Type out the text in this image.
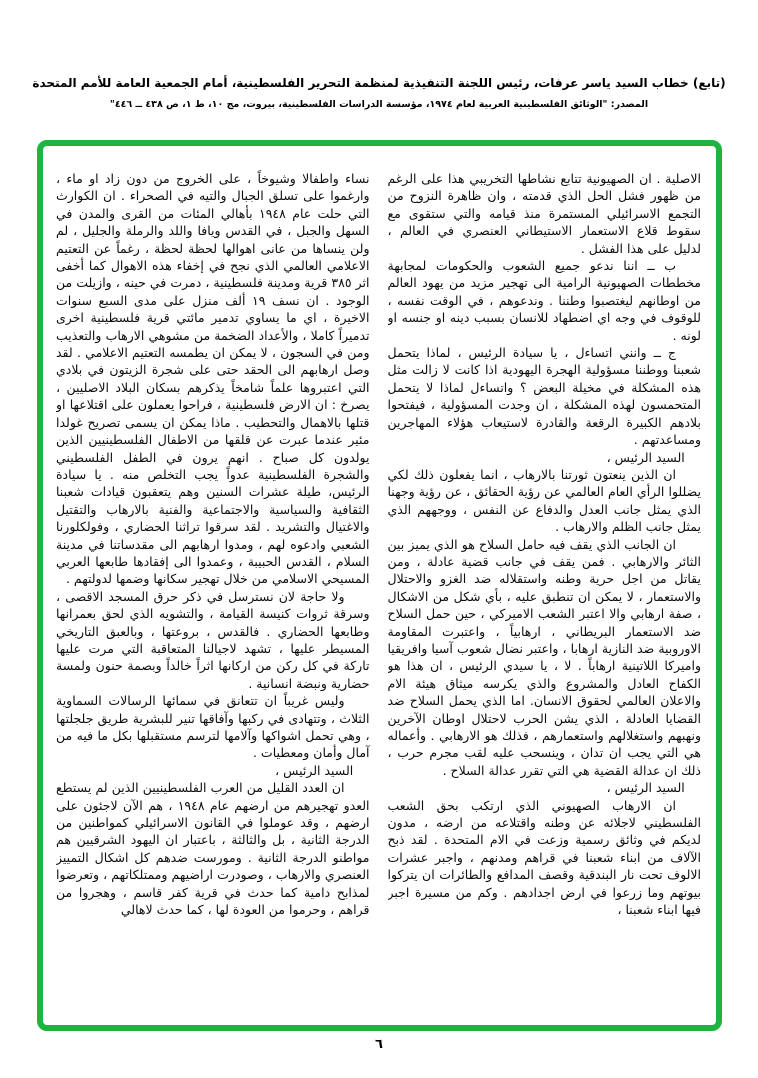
(تابع) خطاب السيد ياسر عرفات، رئيس اللجنة التنفيذية لمنظمة التحرير الفلسطينية، أمام الجمعية العامة للأمم المتحدة
المصدر: "الوثائق الفلسطينية العربية لعام ١٩٧٤، مؤسسة الدراسات الفلسطينية، بيروت، مج ١٠، ط ١، ص ٤٣٨ ــ ٤٤٦"

الاصلية . ان الصهيونية تتابع نشاطها التخريبي هذا على الرغم من ظهور فشل الحل الذي قدمته ، وان ظاهرة النزوح من التجمع الاسرائيلي المستمرة منذ قيامه والتي ستقوى مع سقوط قلاع الاستعمار الاستيطاني العنصري في العالم ، لدليل على هذا الفشل .

ب ــ اننا ندعو جميع الشعوب والحكومات لمجابهة مخططات الصهيونية الرامية الى تهجير مزيد من يهود العالم من اوطانهم ليغتصبوا وطننا . وندعوهم ، في الوقت نفسه ، للوقوف في وجه اي اضطهاد للانسان بسبب دينه او جنسه او لونه .

ج ــ وانني اتساءل ، يا سيادة الرئيس ، لماذا يتحمل شعبنا ووطننا مسؤولية الهجرة اليهودية اذا كانت لا زالت مثل هذه المشكلة في مخيلة البعض ؟ واتساءل لماذا لا يتحمل المتحمسون لهذه المشكلة ، ان وجدت المسؤولية ، فيفتحوا بلادهم الكبيرة الرقعة والقادرة لاستيعاب هؤلاء المهاجرين ومساعدتهم .

السيد الرئيس ،

ان الذين ينعتون ثورتنا بالارهاب ، انما يفعلون ذلك لكي يضللوا الرأي العام العالمي عن رؤية الحقائق ، عن رؤية وجهنا الذي يمثل جانب العدل والدفاع عن النفس ، ووجههم الذي يمثل جانب الظلم والارهاب .

ان الجانب الذي يقف فيه حامل السلاح هو الذي يميز بين الثائر والارهابي . فمن يقف في جانب قضية عادلة ، ومن يقاتل من اجل حرية وطنه واستقلاله ضد الغزو والاحتلال والاستعمار ، لا يمكن ان تنطبق عليه ، بأي شكل من الاشكال ، صفة ارهابي والا اعتبر الشعب الاميركي ، حين حمل السلاح ضد الاستعمار البريطاني ، ارهابياً ، واعتبرت المقاومة الاوروبية ضد النازية ارهابا ، واعتبر نضال شعوب آسيا وافريقيا واميركا اللاتينية ارهاباً . لا ، يا سيدي الرئيس ، ان هذا هو الكفاح العادل والمشروع والذي يكرسه ميثاق هيئة الام والاعلان العالمي لحقوق الانسان. اما الذي يحمل السلاح ضد القضايا العادلة ، الذي يشن الحرب لاحتلال اوطان الآخرين ونهبهم واستغلالهم واستعمارهم ، فذلك هو الارهابي . وأعماله هي التي يجب ان تدان ، وينسحب عليه لقب مجرم حرب ، ذلك ان عدالة القضية هي التي تقرر عدالة السلاح .

السيد الرئيس ،

ان الارهاب الصهيوني الذي ارتكب بحق الشعب الفلسطيني لاجلائه عن وطنه واقتلاعه من ارضه ، مدون لديكم في وثائق رسمية وزعت في الام المتحدة . لقد ذبح الآلاف من ابناء شعبنا في قراهم ومدنهم ، واجبر عشرات الالوف تحت نار البندقية وقصف المدافع والطائرات ان يتركوا بيوتهم وما زرعوا في ارض اجدادهم . وكم من مسيرة اجبر فيها ابناء شعبنا ،

نساء واطفالا وشيوخاً ، على الخروج من دون زاد او ماء ، وارغموا على تسلق الجبال والتيه في الصحراء . ان الكوارث التي حلت عام ١٩٤٨ بأهالي المئات من القرى والمدن في السهل والجبل ، في القدس ويافا واللد والرملة والجليل ، لم ولن ينساها من عانى اهوالها لحظة لحظة ، رغماً عن التعتيم الاعلامي العالمي الذي نجح في إخفاء هذه الاهوال كما أخفى اثر ٣٨٥ قرية ومدينة فلسطينية ، دمرت في حينه ، وازيلت من الوجود . ان نسف ١٩ ألف منزل على مدى السبع سنوات الاخيرة ، اي ما يساوي تدمير مائتي قرية فلسطينية اخرى تدميراً كاملا ، والأعداد الضخمة من مشوهي الارهاب والتعذيب ومن في السجون ، لا يمكن ان يطمسه التعتيم الاعلامي . لقد وصل ارهابهم الى الحقد حتى على شجرة الزيتون في بلادي التي اعتبروها علماً شامخاً يذكرهم بسكان البلاد الاصليين ، يصرخ : ان الارض فلسطينية ، فراحوا يعملون على اقتلاعها او قتلها بالاهمال والتحطيب . ماذا يمكن ان يسمى تصريح غولدا مئير عندما عبرت عن قلقها من الاطفال الفلسطينيين الذين يولدون كل صباح . انهم يرون في الطفل الفلسطيني والشجرة الفلسطينية عدواً يجب التخلص منه . يا سيادة الرئيس، طيلة عشرات السنين وهم يتعقبون قيادات شعبنا الثقافية والسياسية والاجتماعية والفنية بالارهاب والتقتيل والاغتيال والتشريد . لقد سرقوا تراثنا الحضاري ، وفولكلورنا الشعبي وادعوه لهم ، ومدوا ارهابهم الى مقدساتنا في مدينة السلام ، القدس الحبيبة ، وعمدوا الى إفقادها طابعها العربي المسيحي الاسلامي من خلال تهجير سكانها وضمها لدولتهم .

ولا حاجة لان نسترسل في ذكر حرق المسجد الاقصى ، وسرقة ثروات كنيسة القيامة ، والتشويه الذي لحق بعمرانها وطابعها الحضاري . فالقدس ، بروعتها ، وبالعبق التاريخي المسيطر عليها ، تشهد لاجيالنا المتعاقبة التي مرت عليها تاركة في كل ركن من اركانها اثراً خالداً وبصمة حنون ولمسة حضارية ونبضة انسانية .

وليس غريباً ان تتعانق في سمائها الرسالات السماوية الثلاث ، وتتهادى في ركبها وآفاقها تنير للبشرية طريق جلجلتها ، وهي تحمل اشواكها وآلامها لترسم مستقبلها بكل ما فيه من آمال وأمان ومعطيات .

السيد الرئيس ،

ان العدد القليل من العرب الفلسطينيين الذين لم يستطع العدو تهجيرهم من ارضهم عام ١٩٤٨ ، هم الآن لاجئون على ارضهم ، وقد عوملوا في القانون الاسرائيلي كمواطنين من الدرجة الثانية ، بل والثالثة ، باعتبار ان اليهود الشرقيين هم مواطنو الدرجة الثانية . ومورست ضدهم كل اشكال التمييز العنصري والارهاب ، وصودرت اراضيهم وممتلكاتهم ، وتعرضوا لمذابح دامية كما حدث في قرية كفر قاسم ، وهجروا من قراهم ، وحرموا من العودة لها ، كما حدث لاهالي

٦
